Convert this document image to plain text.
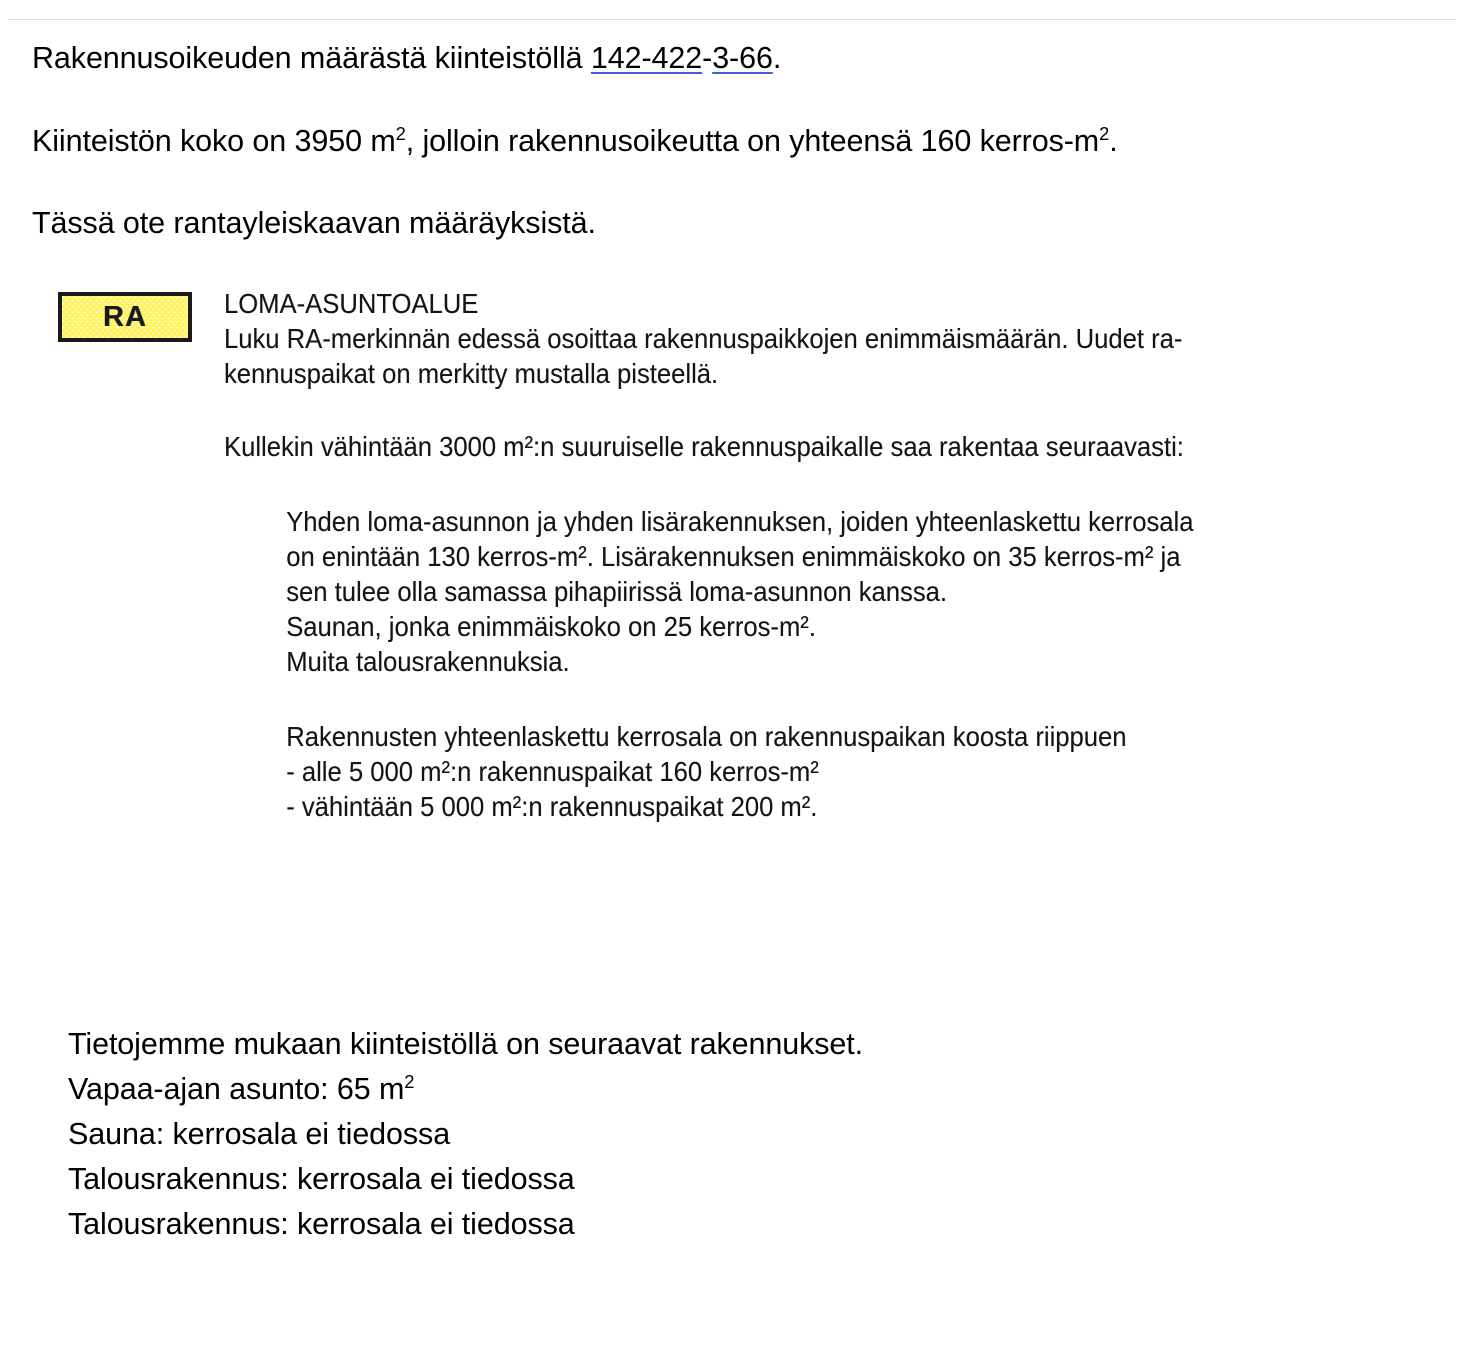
Rakennusoikeuden määrästä kiinteistöllä 142-422-3-66.
Kiinteistön koko on 3950 $m^2$, jolloin rakennusoikeutta on yhteensä 160 kerros-$m^2$.
Tässä ote rantayleiskaavan määräyksistä.
RA	LOMA-ASUNTOALUE
Luku RA-merkinnän edessä osoittaa rakennuspaikkojen enimmäismäärän. Uudet ra-
kennuspaikat on merkitty mustalla pisteellä.
Kullekin vähintään 3000 m²:n suuruiselle rakennuspaikalle saa rakentaa seuraavasti:
Yhden loma-asunnon ja yhden lisärakennuksen, joiden yhteenlaskettu kerrosala
on enintään 130 kerros-m². Lisärakennuksen enimmäiskoko on 35 kerros-m² ja
sen tulee olla samassa pihapiirissä loma-asunnon kanssa.
Saunan, jonka enimmäiskoko on 25 kerros-m².
Muita talousrakennuksia.
Rakennusten yhteenlaskettu kerrosala on rakennuspaikan koosta riippuen
- alle 5 000 m²:n rakennuspaikat 160 kerros-m²
- vähintään 5 000 m²:n rakennuspaikat 200 m².
Tietojemme mukaan kiinteistöllä on seuraavat rakennukset.
Vapaa-ajan asunto: 65 $m^2$
Sauna: kerrosala ei tiedossa
Talousrakennus: kerrosala ei tiedossa
Talousrakennus: kerrosala ei tiedossa
